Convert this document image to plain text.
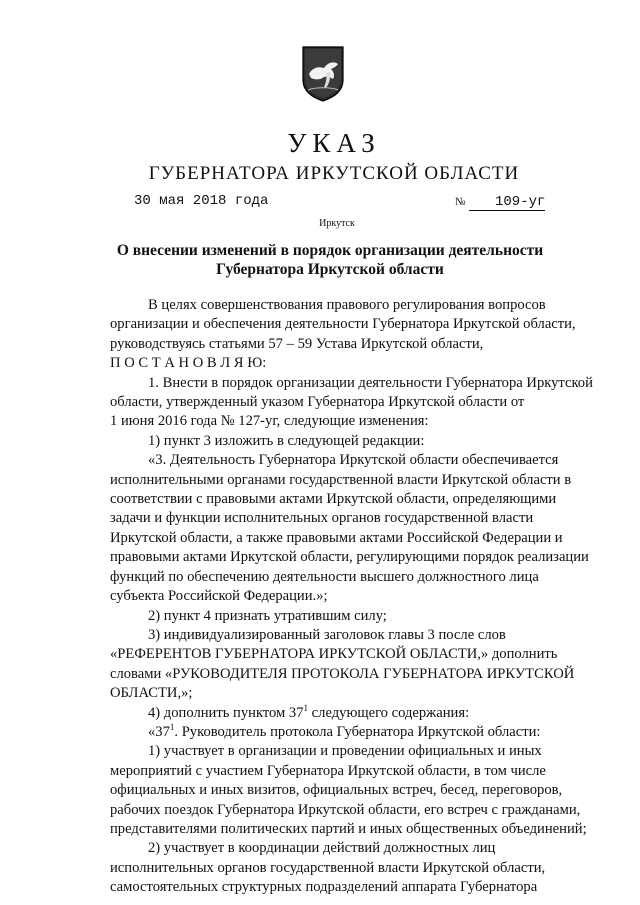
УКАЗ
ГУБЕРНАТОРА ИРКУТСКОЙ ОБЛАСТИ
30 мая 2018 года	№ 109-уг
Иркутск
О внесении изменений в порядок организации деятельности
Губернатора Иркутской области

В целях совершенствования правового регулирования вопросов

организации и обеспечения деятельности Губернатора Иркутской области,

руководствуясь статьями 57 – 59 Устава Иркутской области,

П О С Т А Н О В Л Я Ю:

1. Внести в порядок организации деятельности Губернатора Иркутской

области, утвержденный указом Губернатора Иркутской области от

1 июня 2016 года № 127-уг, следующие изменения:

1) пункт 3 изложить в следующей редакции:

«3. Деятельность Губернатора Иркутской области обеспечивается

исполнительными органами государственной власти Иркутской области в

соответствии с правовыми актами Иркутской области, определяющими

задачи и функции исполнительных органов государственной власти

Иркутской области, а также правовыми актами Российской Федерации и

правовыми актами Иркутской области, регулирующими порядок реализации

функций по обеспечению деятельности высшего должностного лица

субъекта Российской Федерации.»;

2) пункт 4 признать утратившим силу;

3) индивидуализированный заголовок главы 3 после слов

«РЕФЕРЕНТОВ ГУБЕРНАТОРА ИРКУТСКОЙ ОБЛАСТИ,» дополнить

словами «РУКОВОДИТЕЛЯ ПРОТОКОЛА ГУБЕРНАТОРА ИРКУТСКОЙ

ОБЛАСТИ,»;

4) дополнить пунктом $37^1$ следующего содержания:

«$37^1$. Руководитель протокола Губернатора Иркутской области:

1) участвует в организации и проведении официальных и иных

мероприятий с участием Губернатора Иркутской области, в том числе

официальных и иных визитов, официальных встреч, бесед, переговоров,

рабочих поездок Губернатора Иркутской области, его встреч с гражданами,

представителями политических партий и иных общественных объединений;

2) участвует в координации действий должностных лиц

исполнительных органов государственной власти Иркутской области,

самостоятельных структурных подразделений аппарата Губернатора
